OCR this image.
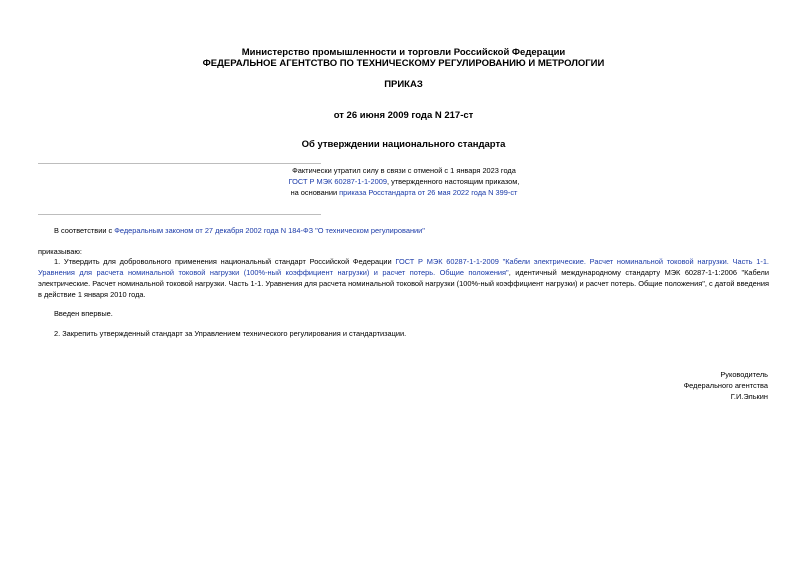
Министерство промышленности и торговли Российской Федерации
ФЕДЕРАЛЬНОЕ АГЕНТСТВО ПО ТЕХНИЧЕСКОМУ РЕГУЛИРОВАНИЮ И МЕТРОЛОГИИ
ПРИКАЗ
от 26 июня 2009 года N 217-ст
Об утверждении национального стандарта
Фактически утратил силу в связи с отменой с 1 января 2023 года
ГОСТ Р МЭК 60287-1-1-2009, утвержденного настоящим приказом,
на основании приказа Росстандарта от 26 мая 2022 года N 399-ст
В соответствии с Федеральным законом от 27 декабря 2002 года N 184-ФЗ "О техническом регулировании"
приказываю:
1. Утвердить для добровольного применения национальный стандарт Российской Федерации ГОСТ Р МЭК 60287-1-1-2009 "Кабели электрические. Расчет номинальной токовой нагрузки. Часть 1-1. Уравнения для расчета номинальной токовой нагрузки (100%-ный коэффициент нагрузки) и расчет потерь. Общие положения", идентичный международному стандарту МЭК 60287-1-1:2006 "Кабели электрические. Расчет номинальной токовой нагрузки. Часть 1-1. Уравнения для расчета номинальной токовой нагрузки (100%-ный коэффициент нагрузки) и расчет потерь. Общие положения", с датой введения в действие 1 января 2010 года.
Введен впервые.
2. Закрепить утвержденный стандарт за Управлением технического регулирования и стандартизации.
Руководитель
Федерального агентства
Г.И.Элькин
